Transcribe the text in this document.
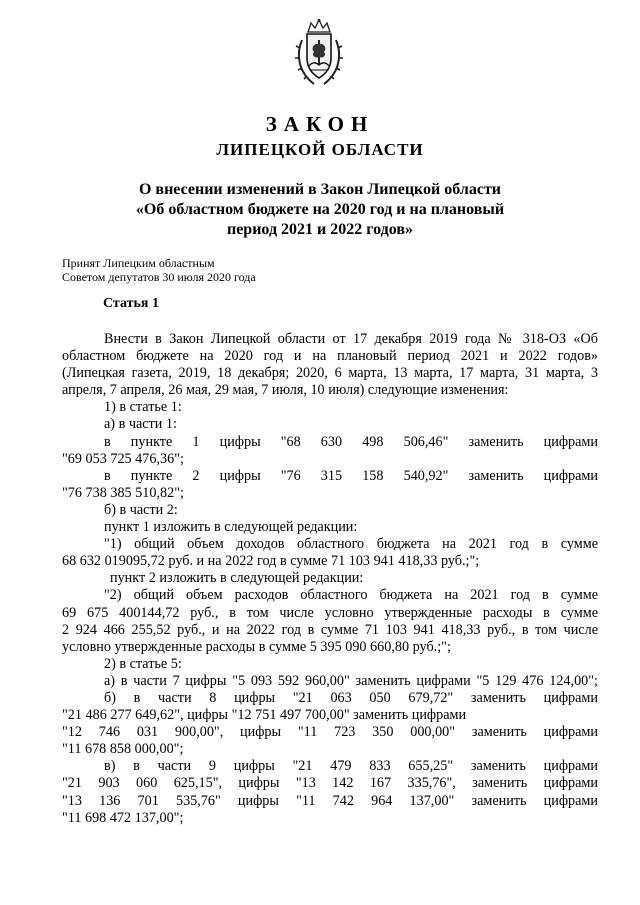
ЗАКОН
ЛИПЕЦКОЙ ОБЛАСТИ
О внесении изменений в Закон Липецкой области
«Об областном бюджете на 2020 год и на плановый
период 2021 и 2022 годов»
Принят Липецким областным
Советом депутатов 30 июля 2020 года
Статья 1

Внести в Закон Липецкой области от 17 декабря 2019 года № 318-ОЗ «Об

областном бюджете на 2020 год и на плановый период 2021 и 2022 годов»

(Липецкая газета, 2019, 18 декабря; 2020, 6 марта, 13 марта, 17 марта, 31 марта, 3

апреля, 7 апреля, 26 мая, 29 мая, 7 июля, 10 июля) следующие изменения:

1) в статье 1:

а) в части 1:

в пункте 1 цифры "68 630 498 506,46" заменить цифрами

"69 053 725 476,36";

в пункте 2 цифры "76 315 158 540,92" заменить цифрами

"76 738 385 510,82";

б) в части 2:

пункт 1 изложить в следующей редакции:

"1) общий объем доходов областного бюджета на 2021 год в сумме

68 632 019095,72 руб. и на 2022 год в сумме 71 103 941 418,33 руб.;";

пункт 2 изложить в следующей редакции:

"2) общий объем расходов областного бюджета на 2021 год в сумме

69 675 400144,72 руб., в том числе условно утвержденные расходы в сумме

2 924 466 255,52 руб., и на 2022 год в сумме 71 103 941 418,33 руб., в том числе

условно утвержденные расходы в сумме 5 395 090 660,80 руб.;";

2) в статье 5:

а) в части 7 цифры "5 093 592 960,00" заменить цифрами "5 129 476 124,00";

б) в части 8 цифры "21 063 050 679,72" заменить цифрами

"21 486 277 649,62", цифры "12 751 497 700,00" заменить цифрами

"12 746 031 900,00", цифры "11 723 350 000,00" заменить цифрами

"11 678 858 000,00";

в) в части 9 цифры "21 479 833 655,25" заменить цифрами

"21 903 060 625,15", цифры "13 142 167 335,76", заменить цифрами

"13 136 701 535,76" цифры "11 742 964 137,00" заменить цифрами

"11 698 472 137,00";
